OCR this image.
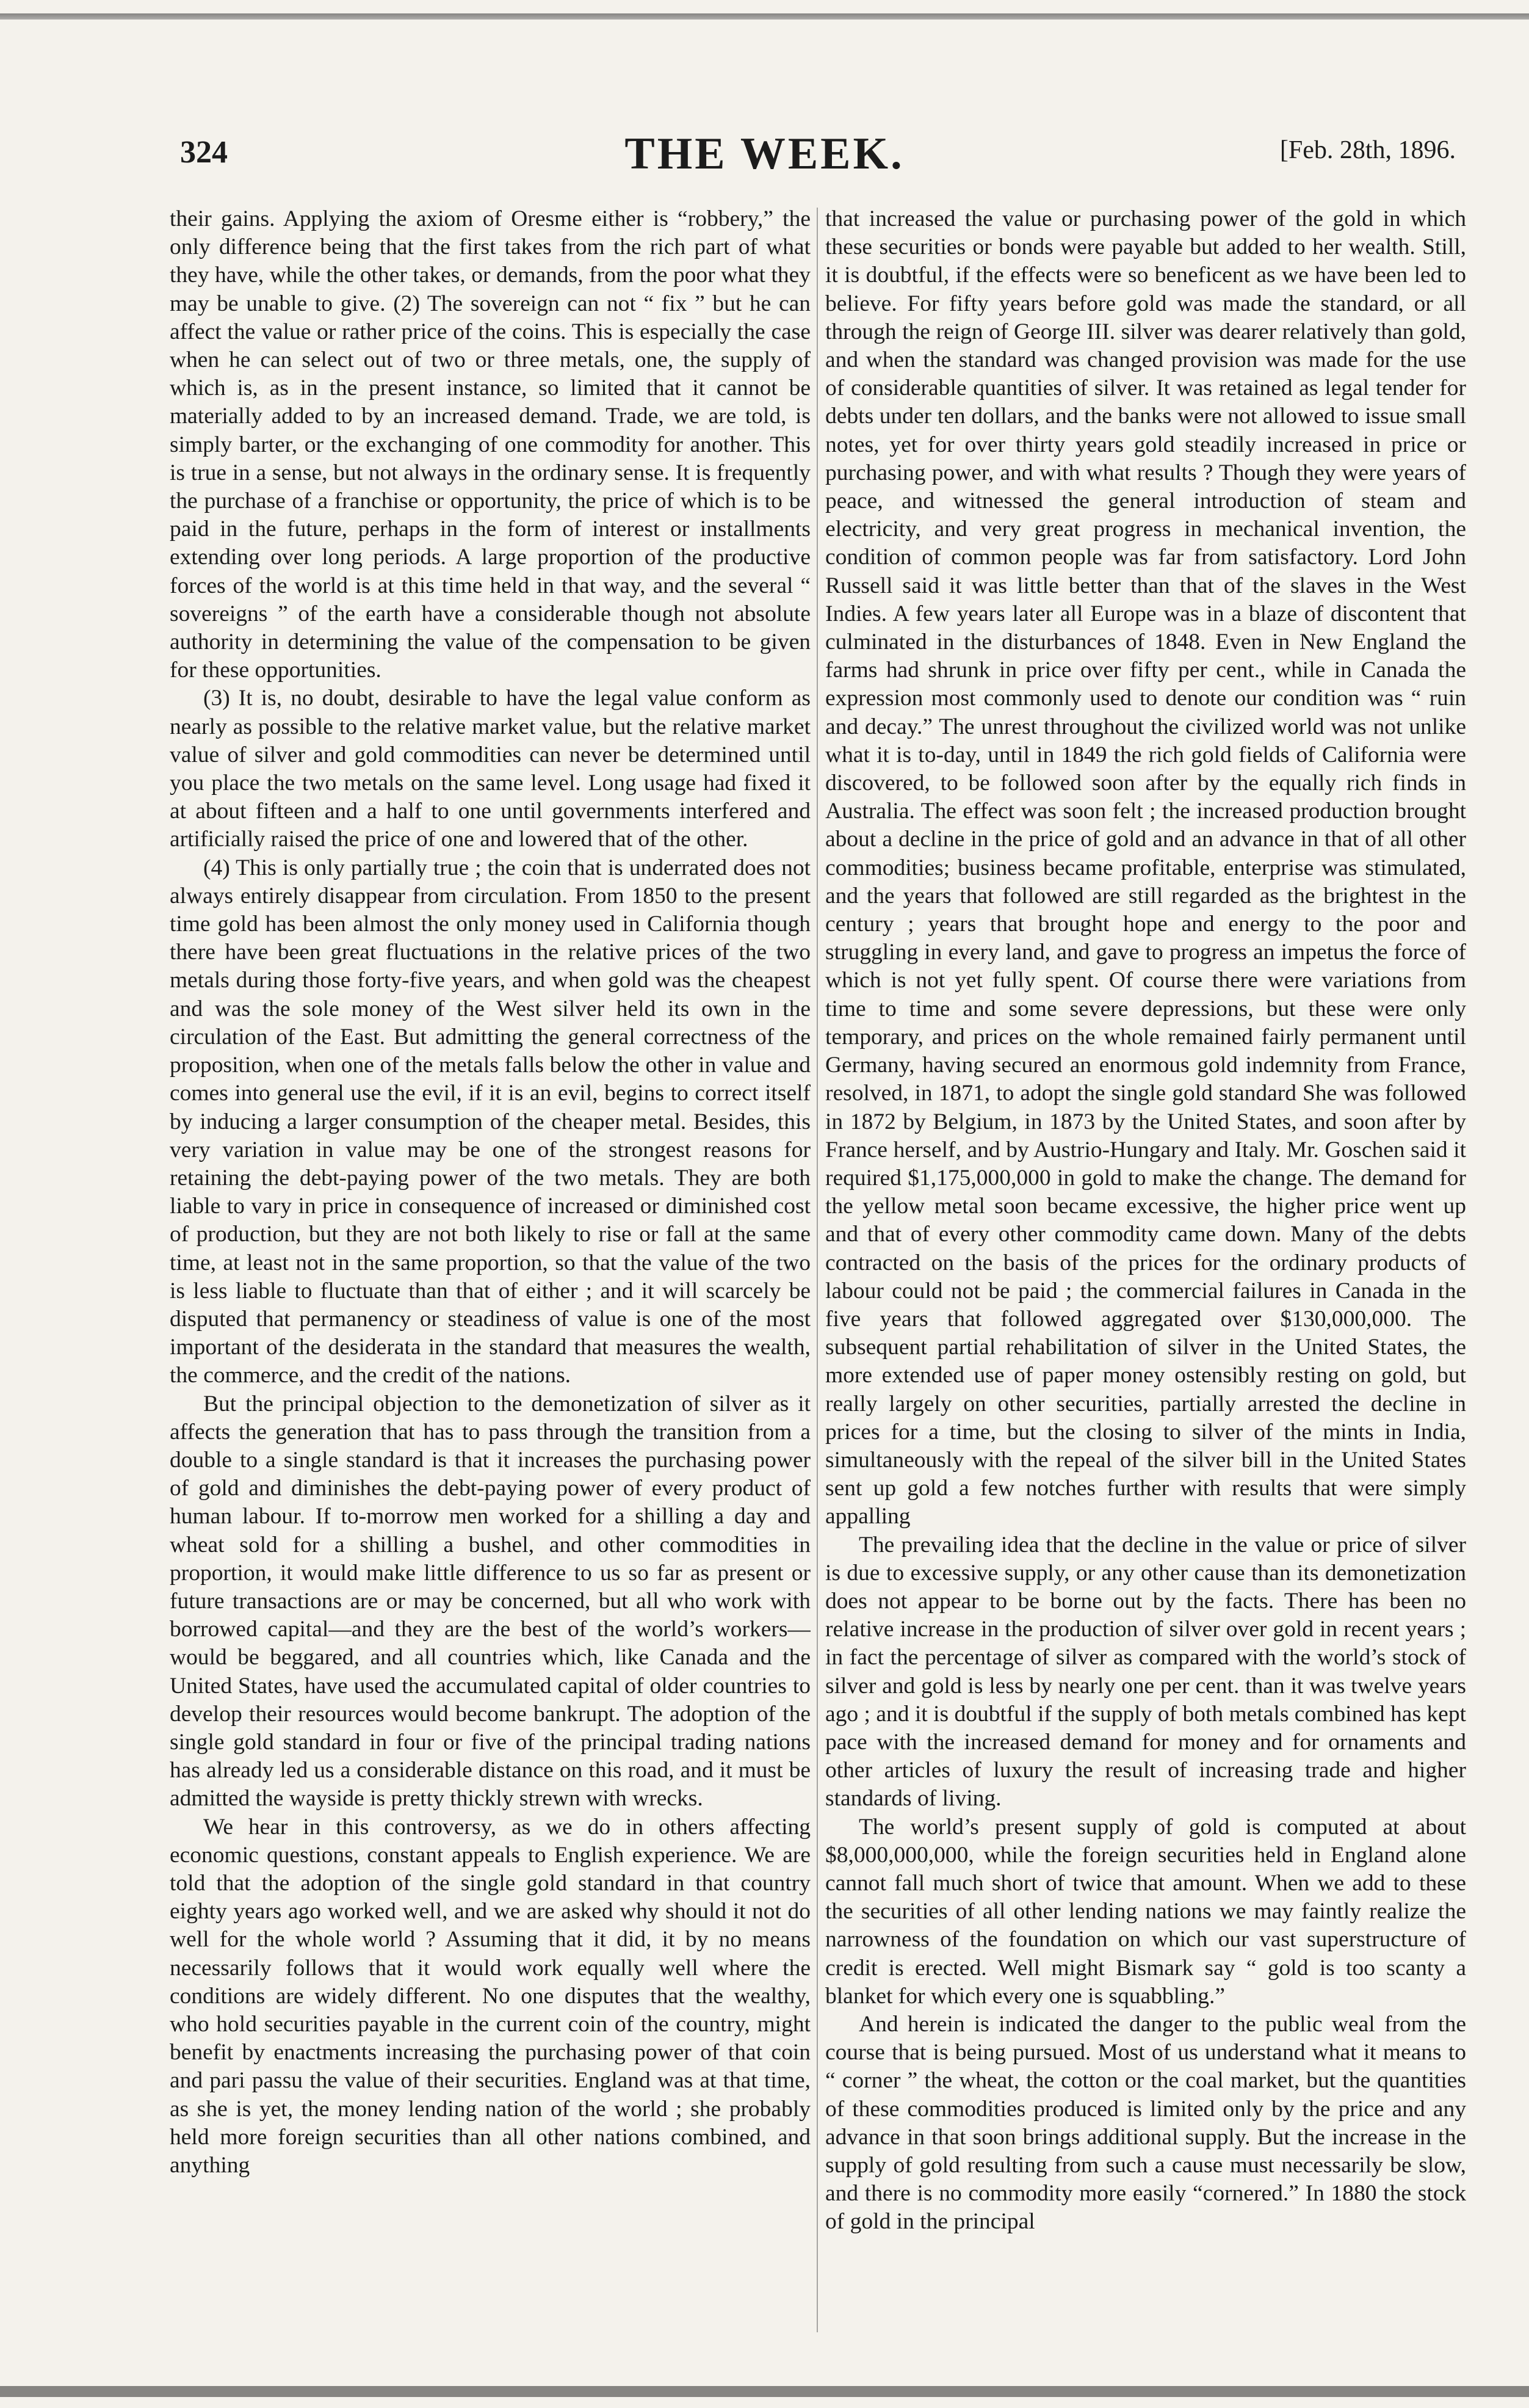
324	THE WEEK.	[Feb. 28th, 1896.

their gains. Applying the axiom of Oresme either is “robbery,” the only difference being that the first takes from the rich part of what they have, while the other takes, or demands, from the poor what they may be unable to give. (2) The sovereign can not “ fix ” but he can affect the value or rather price of the coins. This is especially the case when he can select out of two or three metals, one, the supply of which is, as in the present instance, so limited that it cannot be materially added to by an increased demand. Trade, we are told, is simply barter, or the exchanging of one commodity for another. This is true in a sense, but not always in the ordinary sense. It is frequently the purchase of a franchise or opportunity, the price of which is to be paid in the future, perhaps in the form of interest or installments extending over long periods. A large proportion of the productive forces of the world is at this time held in that way, and the several “ sovereigns ” of the earth have a considerable though not absolute authority in determining the value of the compensation to be given for these opportunities.

(3) It is, no doubt, desirable to have the legal value conform as nearly as possible to the relative market value, but the relative market value of silver and gold commodities can never be determined until you place the two metals on the same level. Long usage had fixed it at about fifteen and a half to one until governments interfered and artificially raised the price of one and lowered that of the other.

(4) This is only partially true ; the coin that is underrated does not always entirely disappear from circulation. From 1850 to the present time gold has been almost the only money used in California though there have been great fluctuations in the relative prices of the two metals during those forty-five years, and when gold was the cheapest and was the sole money of the West silver held its own in the circulation of the East. But admitting the general correctness of the proposition, when one of the metals falls below the other in value and comes into general use the evil, if it is an evil, begins to correct itself by inducing a larger consumption of the cheaper metal. Besides, this very variation in value may be one of the strongest reasons for retaining the debt-paying power of the two metals. They are both liable to vary in price in consequence of increased or diminished cost of production, but they are not both likely to rise or fall at the same time, at least not in the same proportion, so that the value of the two is less liable to fluctuate than that of either ; and it will scarcely be disputed that permanency or steadiness of value is one of the most important of the desiderata in the standard that measures the wealth, the commerce, and the credit of the nations.

But the principal objection to the demonetization of silver as it affects the generation that has to pass through the transition from a double to a single standard is that it increases the purchasing power of gold and diminishes the debt-paying power of every product of human labour. If to-morrow men worked for a shilling a day and wheat sold for a shilling a bushel, and other commodities in proportion, it would make little difference to us so far as present or future transactions are or may be concerned, but all who work with borrowed capital—and they are the best of the world’s workers—would be beggared, and all countries which, like Canada and the United States, have used the accumulated capital of older countries to develop their resources would become bankrupt. The adoption of the single gold standard in four or five of the principal trading nations has already led us a considerable distance on this road, and it must be admitted the wayside is pretty thickly strewn with wrecks.

We hear in this controversy, as we do in others affecting economic questions, constant appeals to English experience. We are told that the adoption of the single gold standard in that country eighty years ago worked well, and we are asked why should it not do well for the whole world ? Assuming that it did, it by no means necessarily follows that it would work equally well where the conditions are widely different. No one disputes that the wealthy, who hold securities payable in the current coin of the country, might benefit by enactments increasing the purchasing power of that coin and pari passu the value of their securities. England was at that time, as she is yet, the money lending nation of the world ; she probably held more foreign securities than all other nations combined, and anything

that increased the value or purchasing power of the gold in which these securities or bonds were payable but added to her wealth. Still, it is doubtful, if the effects were so beneficent as we have been led to believe. For fifty years before gold was made the standard, or all through the reign of George III. silver was dearer relatively than gold, and when the standard was changed provision was made for the use of considerable quantities of silver. It was retained as legal tender for debts under ten dollars, and the banks were not allowed to issue small notes, yet for over thirty years gold steadily increased in price or purchasing power, and with what results ? Though they were years of peace, and witnessed the general introduction of steam and electricity, and very great progress in mechanical invention, the condition of common people was far from satisfactory. Lord John Russell said it was little better than that of the slaves in the West Indies. A few years later all Europe was in a blaze of discontent that culminated in the disturbances of 1848. Even in New England the farms had shrunk in price over fifty per cent., while in Canada the expression most commonly used to denote our condition was “ ruin and decay.” The unrest throughout the civilized world was not unlike what it is to-day, until in 1849 the rich gold fields of California were discovered, to be followed soon after by the equally rich finds in Australia. The effect was soon felt ; the increased production brought about a decline in the price of gold and an advance in that of all other commodities; business became profitable, enterprise was stimulated, and the years that followed are still regarded as the brightest in the century ; years that brought hope and energy to the poor and struggling in every land, and gave to progress an impetus the force of which is not yet fully spent. Of course there were variations from time to time and some severe depressions, but these were only temporary, and prices on the whole remained fairly permanent until Germany, having secured an enormous gold indemnity from France, resolved, in 1871, to adopt the single gold standard She was followed in 1872 by Belgium, in 1873 by the United States, and soon after by France herself, and by Austrio-Hungary and Italy. Mr. Goschen said it required $1,175,000,000 in gold to make the change. The demand for the yellow metal soon became excessive, the higher price went up and that of every other commodity came down. Many of the debts contracted on the basis of the prices for the ordinary products of labour could not be paid ; the commercial failures in Canada in the five years that followed aggregated over $130,000,000. The subsequent partial rehabilitation of silver in the United States, the more extended use of paper money ostensibly resting on gold, but really largely on other securities, partially arrested the decline in prices for a time, but the closing to silver of the mints in India, simultaneously with the repeal of the silver bill in the United States sent up gold a few notches further with results that were simply appalling

The prevailing idea that the decline in the value or price of silver is due to excessive supply, or any other cause than its demonetization does not appear to be borne out by the facts. There has been no relative increase in the production of silver over gold in recent years ; in fact the percentage of silver as compared with the world’s stock of silver and gold is less by nearly one per cent. than it was twelve years ago ; and it is doubtful if the supply of both metals combined has kept pace with the increased demand for money and for ornaments and other articles of luxury the result of increasing trade and higher standards of living.

The world’s present supply of gold is computed at about $8,000,000,000, while the foreign securities held in England alone cannot fall much short of twice that amount. When we add to these the securities of all other lending nations we may faintly realize the narrowness of the foundation on which our vast superstructure of credit is erected. Well might Bismark say “ gold is too scanty a blanket for which every one is squabbling.”

And herein is indicated the danger to the public weal from the course that is being pursued. Most of us understand what it means to “ corner ” the wheat, the cotton or the coal market, but the quantities of these commodities produced is limited only by the price and any advance in that soon brings additional supply. But the increase in the supply of gold resulting from such a cause must necessarily be slow, and there is no commodity more easily “cornered.” In 1880 the stock of gold in the principal
